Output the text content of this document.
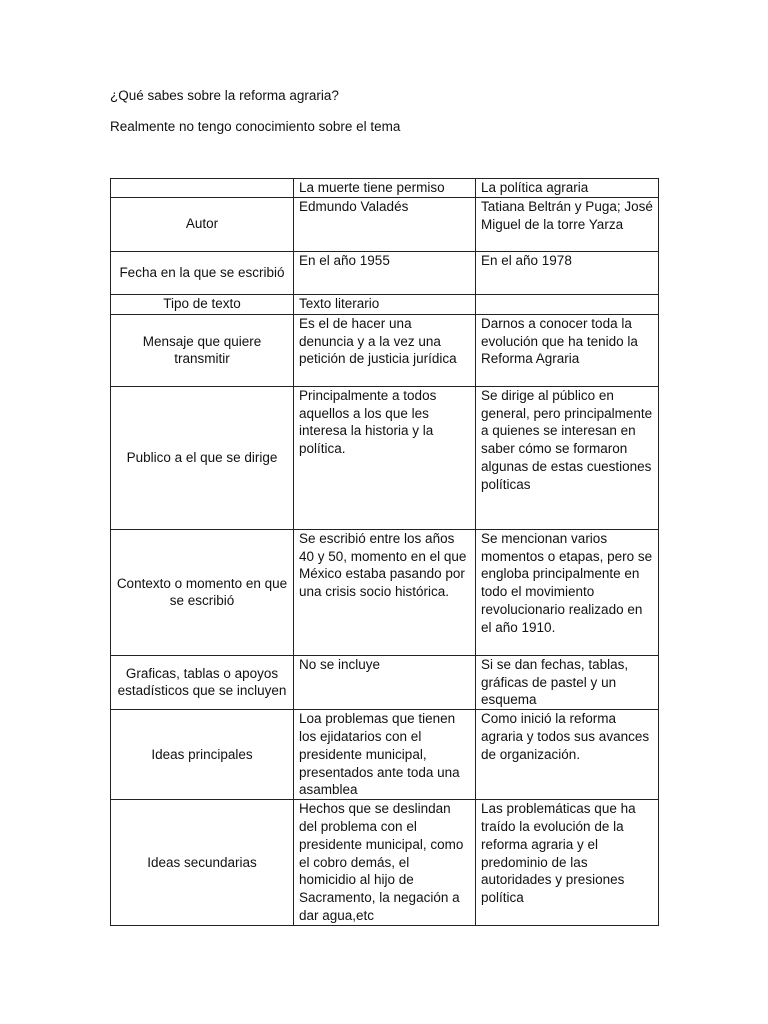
¿Qué sabes sobre la reforma agraria?
Realmente no tengo conocimiento sobre el tema
	La muerte tiene permiso	La política agraria
Autor	Edmundo Valadés	Tatiana Beltrán y Puga; José Miguel de la torre Yarza
Fecha en la que se escribió	En el año 1955	En el año 1978
Tipo de texto	Texto literario	
Mensaje que quiere transmitir	Es el de hacer una denuncia y a la vez una petición de justicia jurídica	Darnos a conocer toda la evolución que ha tenido la Reforma Agraria
Publico a el que se dirige	Principalmente a todos aquellos a los que les interesa la historia y la política.	Se dirige al público en general, pero principalmente a quienes se interesan en saber cómo se formaron algunas de estas cuestiones políticas
Contexto o momento en que se escribió	Se escribió entre los años 40 y 50, momento en el que México estaba pasando por una crisis socio histórica.	Se mencionan varios momentos o etapas, pero se engloba principalmente en todo el movimiento revolucionario realizado en el año 1910.
Graficas, tablas o apoyos estadísticos que se incluyen	No se incluye	Si se dan fechas, tablas, gráficas de pastel y un esquema
Ideas principales	Loa problemas que tienen los ejidatarios con el presidente municipal, presentados ante toda una asamblea	Como inició la reforma agraria y todos sus avances de organización.
Ideas secundarias	Hechos que se deslindan del problema con el presidente municipal, como el cobro demás, el homicidio al hijo de Sacramento, la negación a dar agua,etc	Las problemáticas que ha traído la evolución de la reforma agraria y el predominio de las autoridades y presiones política
